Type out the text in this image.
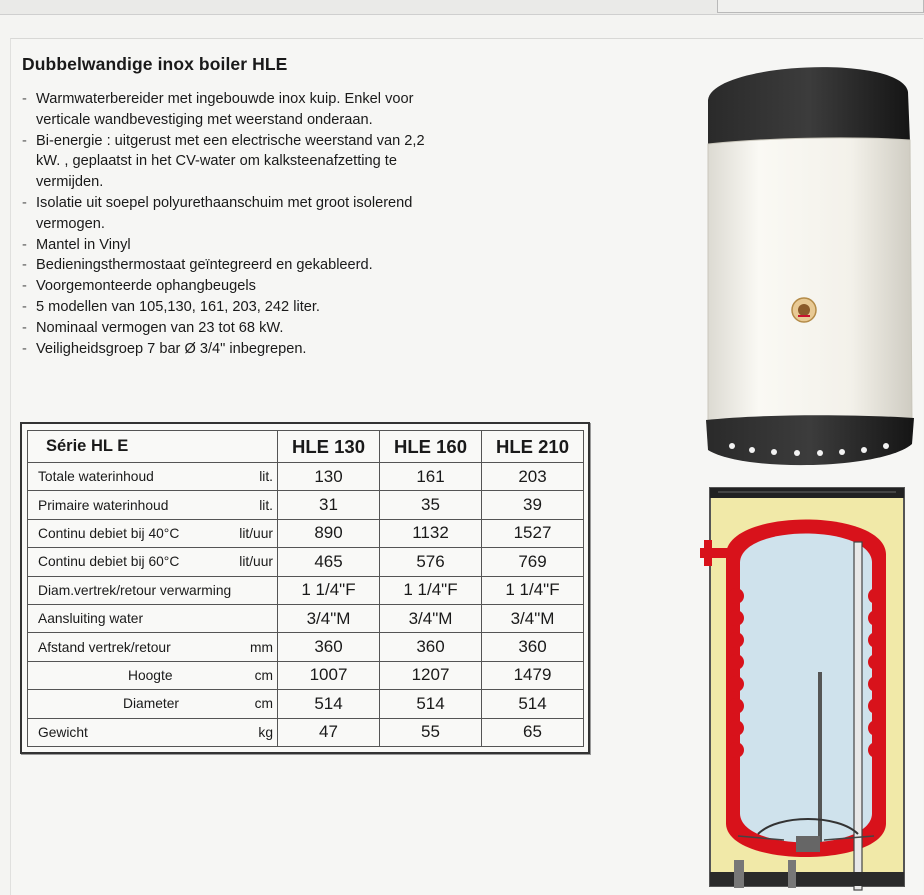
Dubbelwandige inox boiler HLE
- Warmwaterbereider met ingebouwde inox kuip. Enkel voor verticale wandbevestiging met weerstand onderaan.
- Bi-energie : uitgerust met een electrische weerstand van 2,2 kW. , geplaatst in het CV-water om kalksteenafzetting te vermijden.
- Isolatie uit soepel polyurethaanschuim met groot isolerend vermogen.
- Mantel in Vinyl
- Bedieningsthermostaat geïntegreerd en gekableerd.
- Voorgemonteerde ophangbeugels
- 5 modellen van 105,130, 161, 203, 242 liter.
- Nominaal vermogen van 23 tot 68 kW.
- Veiligheidsgroep 7 bar Ø 3/4" inbegrepen.
Série HL E		HLE 130	HLE 160	HLE 210
Totale waterinhoud	lit.	130	161	203
Primaire waterinhoud	lit.	31	35	39
Continu debiet bij 40°C	lit/uur	890	1132	1527
Continu debiet bij 60°C	lit/uur	465	576	769
Diam.vertrek/retour verwarming		1 1/4"F	1 1/4"F	1 1/4"F
Aansluiting water		3/4"M	3/4"M	3/4"M
Afstand vertrek/retour	mm	360	360	360
Hoogte	cm	1007	1207	1479
Diameter	cm	514	514	514
Gewicht	kg	47	55	65
